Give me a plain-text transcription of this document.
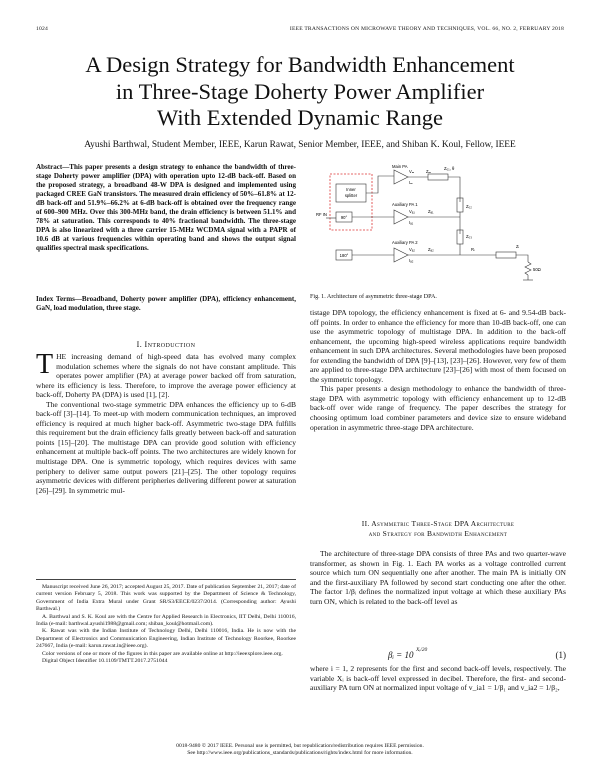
1024	IEEE TRANSACTIONS ON MICROWAVE THEORY AND TECHNIQUES, VOL. 66, NO. 2, FEBRUARY 2018
A Design Strategy for Bandwidth Enhancement
in Three-Stage Doherty Power Amplifier
With Extended Dynamic Range
Ayushi Barthwal, Student Member, IEEE, Karun Rawat, Senior Member, IEEE, and Shiban K. Koul, Fellow, IEEE
Abstract—This paper presents a design strategy to enhance the bandwidth of three-stage Doherty power amplifier (DPA) with operation upto 12-dB back-off. Based on the proposed strategy, a broadband 48-W DPA is designed and implemented using packaged CREE GaN transistors. The measured drain efficiency of 50%–61.8% at 12-dB back-off and 51.9%–66.2% at 6-dB back-off is obtained over the frequency range of 600–900 MHz. Over this 300-MHz band, the drain efficiency is between 51.1% and 78% at saturation. This corresponds to 40% fractional bandwidth. The three-stage DPA is also linearized with a three carrier 15-MHz WCDMA signal with a PAPR of 10.6 dB at various frequencies within operating band and shows the output signal qualifies spectral mask specifications.
Index Terms—Broadband, Doherty power amplifier (DPA), efficiency enhancement, GaN, load modulation, three stage.
I. Introduction

THE increasing demand of high-speed data has evolved many complex modulation schemes where the signals do not have constant amplitude. This operates power amplifier (PA) at average power backed off from saturation, where its efficiency is less. Therefore, to improve the average power efficiency at back-off, Doherty PA (DPA) is used [1], [2].

The conventional two-stage symmetric DPA enhances the efficiency up to 6-dB back-off [3]–[14]. To meet-up with modern communication techniques, an improved efficiency is required at much higher back-off. Asymmetric two-stage DPA fulfills this requirement but the drain efficiency falls greatly between back-off and saturation points [15]–[20]. The multistage DPA can provide good solution with efficiency enhancement at multiple back-off points. The two architectures are widely known for multistage DPA. One is symmetric topology, which requires devices with same periphery to deliver same output powers [21]–[25]. The other topology requires asymmetric devices with different peripheries delivering different power at saturation [26]–[29]. In symmetric mul-

Manuscript received June 26, 2017; accepted August 25, 2017. Date of publication September 21, 2017; date of current version February 5, 2018. This work was supported by the Department of Science & Technology, Government of India Extra Mural under Grant SR/S3/EECE/0237/2014. (Corresponding author: Ayushi Barthwal.)

A. Barthwal and S. K. Koul are with the Centre for Applied Research in Electronics, IIT Delhi, Delhi 110016, India (e-mail: barthwal.ayushi1988@gmail.com; shiban_koul@hotmail.com).

K. Rawat was with the Indian Institute of Technology Delhi, Delhi 110016, India. He is now with the Department of Electronics and Communication Engineering, Indian Institute of Technology Roorkee, Roorkee 247667, India (e-mail: karun.rawat.in@ieee.org).

Color versions of one or more of the figures in this paper are available online at http://ieeexplore.ieee.org.

Digital Object Identifier 10.1109/TMTT.2017.2751044

Inner
splitter
RF IN
90°
180°
Main PA
Auxiliary PA 1
Auxiliary PA 2
Vₘ
Vₐ₁
Vₐ₂
Iₘ
Iₐ₁
Iₐ₂
Zₘ
Z₀₁, θ
Zₐ₁
Z₀₂
Z₀₃
Zₐ₂	Rₗ
Zₗ
50Ω
Fig. 1. Architecture of asymmetric three-stage DPA.

tistage DPA topology, the efficiency enhancement is fixed at 6- and 9.54-dB back-off points. In order to enhance the efficiency for more than 10-dB back-off, one can use the asymmetric topology of multistage DPA. In addition to the back-off enhancement, the upcoming high-speed wireless applications require bandwidth enhancement in such DPA architectures. Several methodologies have been proposed for extending the bandwidth of DPA [9]–[13], [23]–[26]. However, very few of them are applied to three-stage DPA architecture [23]–[26] with most of them focused on the symmetric topology.

This paper presents a design methodology to enhance the bandwidth of three-stage DPA with asymmetric topology with efficiency enhancement up to 12-dB back-off over wide range of frequency. The paper describes the strategy for choosing optimum load combiner parameters and device size to ensure wideband operation in asymmetric three-stage DPA architecture.

II. Asymmetric Three-Stage DPA Architecture
and Strategy for Bandwidth Enhancement

The architecture of three-stage DPA consists of three PAs and two quarter-wave transformer, as shown in Fig. 1. Each PA works as a voltage controlled current source which turn ON sequentially one after another. The main PA is initially ON and the first-auxiliary PA followed by second start conducting one after the other. The factor 1/βᵢ defines the normalized input voltage at which these auxiliary PAs turn ON, which is related to the back-off level as

βᵢ = 10 Xᵢ/20	(1)

where i = 1, 2 represents for the first and second back-off levels, respectively. The variable Xᵢ is back-off level expressed in decibel. Therefore, the first- and second-auxiliary PA turn ON at normalized input voltage of v_ia1 = 1/β₁ and v_ia2 = 1/β₂,

0018-9480 © 2017 IEEE. Personal use is permitted, but republication/redistribution requires IEEE permission.
See http://www.ieee.org/publications_standards/publications/rights/index.html for more information.
